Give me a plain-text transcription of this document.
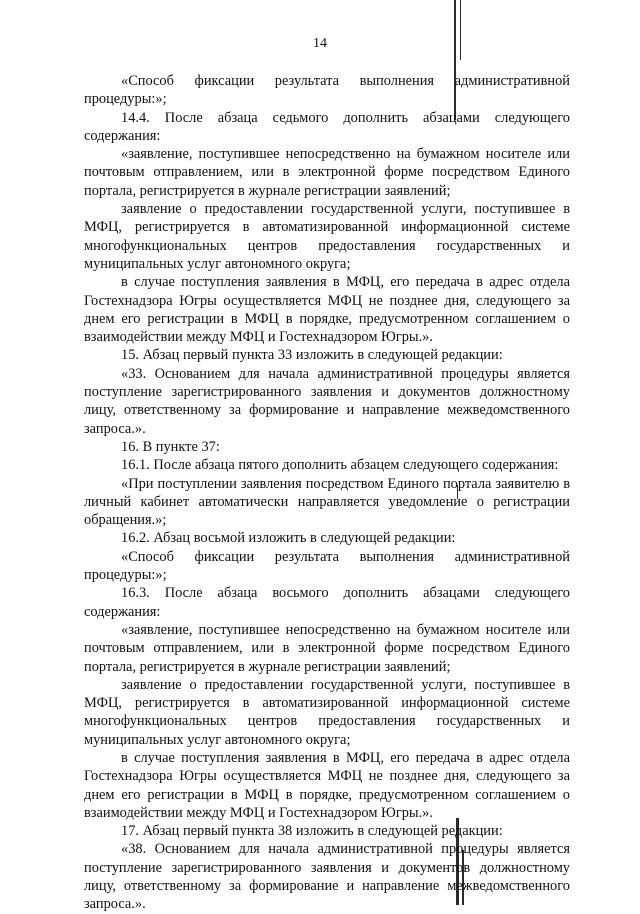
14

«Способ фиксации результата выполнения административной процедуры:»;

14.4. После абзаца седьмого дополнить абзацами следующего содержания:

«заявление, поступившее непосредственно на бумажном носителе или почтовым отправлением, или в электронной форме посредством Единого портала, регистрируется в журнале регистрации заявлений;

заявление о предоставлении государственной услуги, поступившее в МФЦ, регистрируется в автоматизированной информационной системе многофункциональных центров предоставления государственных и муниципальных услуг автономного округа;

в случае поступления заявления в МФЦ, его передача в адрес отдела Гостехнадзора Югры осуществляется МФЦ не позднее дня, следующего за днем его регистрации в МФЦ в порядке, предусмотренном соглашением о взаимодействии между МФЦ и Гостехнадзором Югры.».

15. Абзац первый пункта 33 изложить в следующей редакции:

«33. Основанием для начала административной процедуры является поступление зарегистрированного заявления и документов должностному лицу, ответственному за формирование и направление межведомственного запроса.».

16. В пункте 37:

16.1. После абзаца пятого дополнить абзацем следующего содержания:

«При поступлении заявления посредством Единого портала заявителю в личный кабинет автоматически направляется уведомление о регистрации обращения.»;

16.2. Абзац восьмой изложить в следующей редакции:

«Способ фиксации результата выполнения административной процедуры:»;

16.3. После абзаца восьмого дополнить абзацами следующего содержания:

«заявление, поступившее непосредственно на бумажном носителе или почтовым отправлением, или в электронной форме посредством Единого портала, регистрируется в журнале регистрации заявлений;

заявление о предоставлении государственной услуги, поступившее в МФЦ, регистрируется в автоматизированной информационной системе многофункциональных центров предоставления государственных и муниципальных услуг автономного округа;

в случае поступления заявления в МФЦ, его передача в адрес отдела Гостехнадзора Югры осуществляется МФЦ не позднее дня, следующего за днем его регистрации в МФЦ в порядке, предусмотренном соглашением о взаимодействии между МФЦ и Гостехнадзором Югры.».

17. Абзац первый пункта 38 изложить в следующей редакции:

«38. Основанием для начала административной процедуры является поступление зарегистрированного заявления и документов должностному лицу, ответственному за формирование и направление межведомственного запроса.».
